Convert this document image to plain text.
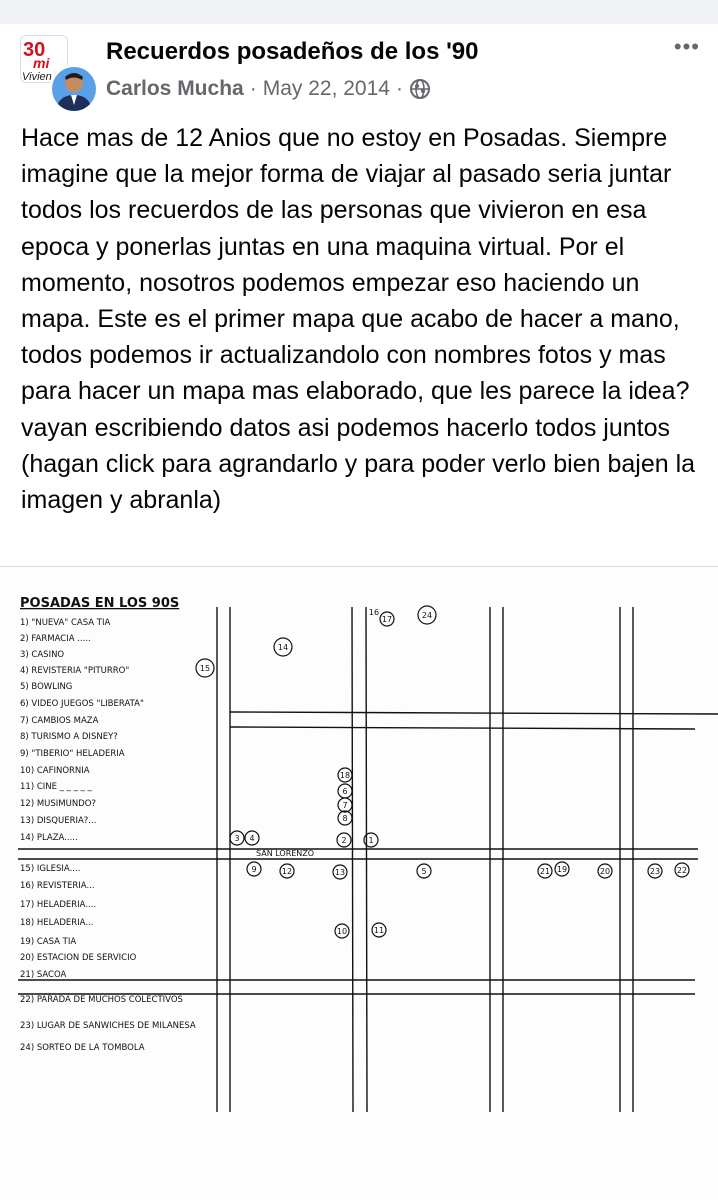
30
mi
Vivien
Recuerdos posadeños de los '90
Carlos Mucha · May 22, 2014 ·
•••

Hace mas de 12 Anios que no estoy en Posadas. Siempre imagine que la mejor forma de viajar al pasado seria juntar todos los recuerdos de las personas que vivieron en esa epoca y ponerlas juntas en una maquina virtual. Por el momento, nosotros podemos empezar eso haciendo un mapa. Este es el primer mapa que acabo de hacer a mano, todos podemos ir actualizandolo con nombres fotos y mas para hacer un mapa mas elaborado, que les parece la idea? vayan escribiendo datos asi podemos hacerlo todos juntos (hagan click para agrandarlo y para poder verlo bien bajen la imagen y abranla)

POSADAS EN LOS 90S
SAN LORENZO
1) "NUEVA" CASA TIA
2) FARMACIA .....
3) CASINO
4) REVISTERIA "PITURRO"
5) BOWLING
6) VIDEO JUEGOS "LIBERATA"
7) CAMBIOS MAZA
8) TURISMO A DISNEY?
9) "TIBERIO" HELADERIA
10) CAFINORNIA
11) CINE _ _ _ _ _
12) MUSIMUNDO?
13) DISQUERIA?...
14) PLAZA.....
15) IGLESIA....
16) REVISTERIA...
17) HELADERIA....
18) HELADERIA...
19) CASA TIA
20) ESTACION DE SERVICIO
21) SACOA
22) PARADA DE MUCHOS COLECTIVOS
23) LUGAR DE SANWICHES DE MILANESA
24) SORTEO DE LA TOMBOLA
16
17	24
14
15
18
6
7
8
3 4	2	1
9	12	13	5	21 19	20	23 22
10	11
